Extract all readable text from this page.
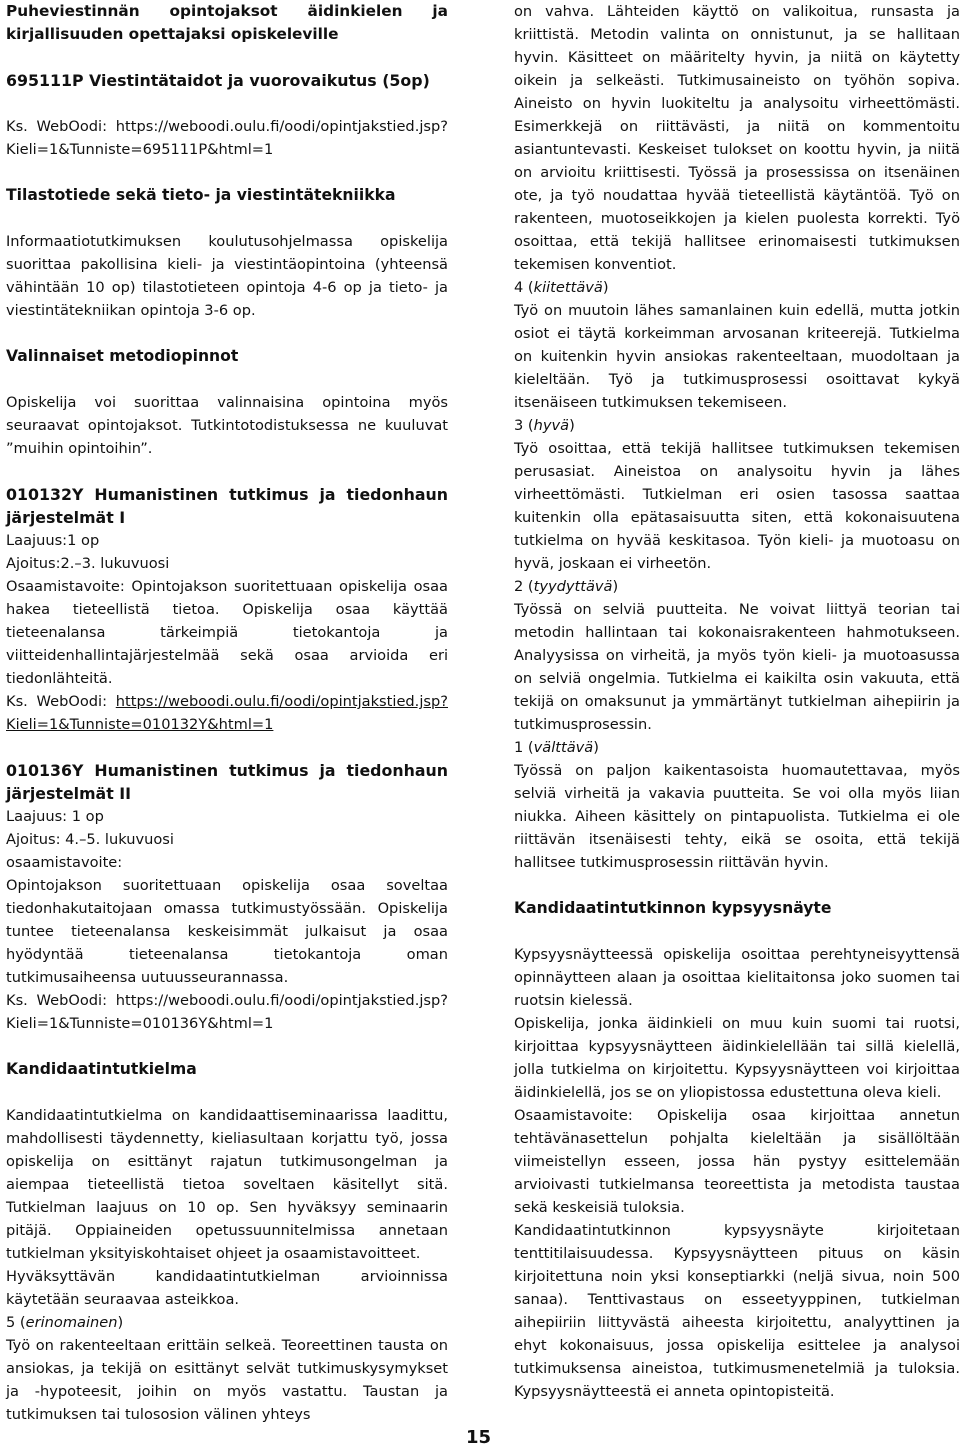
Puheviestinnän opintojaksot äidinkielen ja kirjallisuuden opettajaksi opiskeleville

695111P Viestintätaidot ja vuorovaikutus (5op)

Ks. WebOodi: https://weboodi.oulu.fi/oodi/opintjakstied.jsp?Kieli=1&Tunniste=695111P&html=1

Tilastotiede sekä tieto- ja viestintätekniikka

Informaatiotutkimuksen koulutusohjelmassa opiskelija suorittaa pakollisina kieli- ja viestintäopintoina (yhteensä vähintään 10 op) tilastotieteen opintoja 4-6 op ja tieto- ja viestintätekniikan opintoja 3-6 op.

Valinnaiset metodiopinnot

Opiskelija voi suorittaa valinnaisina opintoina myös seuraavat opintojaksot. Tutkintotodistuksessa ne kuuluvat ”muihin opintoihin”.

010132Y Humanistinen tutkimus ja tiedonhaun järjestelmät I

Laajuus:1 op

Ajoitus:2.–3. lukuvuosi

Osaamistavoite: Opintojakson suoritettuaan opiskelija osaa hakea tieteellistä tietoa. Opiskelija osaa käyttää tieteenalansa tärkeimpiä tietokantoja ja viitteidenhallintajärjestelmää sekä osaa arvioida eri tiedonlähteitä.

Ks. WebOodi: https://weboodi.oulu.fi/oodi/opintjakstied.jsp?Kieli=1&Tunniste=010132Y&html=1

010136Y Humanistinen tutkimus ja tiedonhaun järjestelmät II

Laajuus: 1 op

Ajoitus: 4.–5. lukuvuosi

osaamistavoite:

Opintojakson suoritettuaan opiskelija osaa soveltaa tiedonhakutaitojaan omassa tutkimustyössään. Opiskelija tuntee tieteenalansa keskeisimmät julkaisut ja osaa hyödyntää tieteenalansa tietokantoja oman tutkimusaiheensa uutuusseurannassa.

Ks. WebOodi: https://weboodi.oulu.fi/oodi/opintjakstied.jsp?Kieli=1&Tunniste=010136Y&html=1

Kandidaatintutkielma

Kandidaatintutkielma on kandidaattiseminaarissa laadittu, mahdollisesti täydennetty, kieliasultaan korjattu työ, jossa opiskelija on esittänyt rajatun tutkimusongelman ja aiempaa tieteellistä tietoa soveltaen käsitellyt sitä. Tutkielman laajuus on 10 op. Sen hyväksyy seminaarin pitäjä. Oppiaineiden opetussuunnitelmissa annetaan tutkielman yksityiskohtaiset ohjeet ja osaamistavoitteet.

Hyväksyttävän kandidaatintutkielman arvioinnissa käytetään seuraavaa asteikkoa.

5 (erinomainen)

Työ on rakenteeltaan erittäin selkeä. Teoreettinen tausta on ansiokas, ja tekijä on esittänyt selvät tutkimuskysymykset ja -hypoteesit, joihin on myös vastattu. Taustan ja tutkimuksen tai tulososion välinen yhteys

on vahva. Lähteiden käyttö on valikoitua, runsasta ja kriittistä. Metodin valinta on onnistunut, ja se hallitaan hyvin. Käsitteet on määritelty hyvin, ja niitä on käytetty oikein ja selkeästi. Tutkimusaineisto on työhön sopiva. Aineisto on hyvin luokiteltu ja analysoitu virheettömästi. Esimerkkejä on riittävästi, ja niitä on kommentoitu asiantuntevasti. Keskeiset tulokset on koottu hyvin, ja niitä on arvioitu kriittisesti. Työssä ja prosessissa on itsenäinen ote, ja työ noudattaa hyvää tieteellistä käytäntöä. Työ on rakenteen, muotoseikkojen ja kielen puolesta korrekti. Työ osoittaa, että tekijä hallitsee erinomaisesti tutkimuksen tekemisen konventiot.

4 (kiitettävä)

Työ on muutoin lähes samanlainen kuin edellä, mutta jotkin osiot ei täytä korkeimman arvosanan kriteerejä. Tutkielma on kuitenkin hyvin ansiokas rakenteeltaan, muodoltaan ja kieleltään. Työ ja tutkimusprosessi osoittavat kykyä itsenäiseen tutkimuksen tekemiseen.

3 (hyvä)

Työ osoittaa, että tekijä hallitsee tutkimuksen tekemisen perusasiat. Aineistoa on analysoitu hyvin ja lähes virheettömästi. Tutkielman eri osien tasossa saattaa kuitenkin olla epätasaisuutta siten, että kokonaisuutena tutkielma on hyvää keskitasoa. Työn kieli- ja muotoasu on hyvä, joskaan ei virheetön.

2 (tyydyttävä)

Työssä on selviä puutteita. Ne voivat liittyä teorian tai metodin hallintaan tai kokonaisrakenteen hahmotukseen. Analyysissa on virheitä, ja myös työn kieli- ja muotoasussa on selviä ongelmia. Tutkielma ei kaikilta osin vakuuta, että tekijä on omaksunut ja ymmärtänyt tutkielman aihepiirin ja tutkimusprosessin.

1 (välttävä)

Työssä on paljon kaikentasoista huomautettavaa, myös selviä virheitä ja vakavia puutteita. Se voi olla myös liian niukka. Aiheen käsittely on pintapuolista. Tutkielma ei ole riittävän itsenäisesti tehty, eikä se osoita, että tekijä hallitsee tutkimusprosessin riittävän hyvin.

Kandidaatintutkinnon kypsyysnäyte

Kypsyysnäytteessä opiskelija osoittaa perehtyneisyyttensä opinnäytteen alaan ja osoittaa kielitaitonsa joko suomen tai ruotsin kielessä.

Opiskelija, jonka äidinkieli on muu kuin suomi tai ruotsi, kirjoittaa kypsyysnäytteen äidinkielellään tai sillä kielellä, jolla tutkielma on kirjoitettu. Kypsyysnäytteen voi kirjoittaa äidinkielellä, jos se on yliopistossa edustettuna oleva kieli.

Osaamistavoite: Opiskelija osaa kirjoittaa annetun tehtävänasettelun pohjalta kieleltään ja sisällöltään viimeistellyn esseen, jossa hän pystyy esittelemään arvioivasti tutkielmansa teoreettista ja metodista taustaa sekä keskeisiä tuloksia.

Kandidaatintutkinnon kypsyysnäyte kirjoitetaan tenttitilaisuudessa. Kypsyysnäytteen pituus on käsin kirjoitettuna noin yksi konseptiarkki (neljä sivua, noin 500 sanaa). Tenttivastaus on esseetyyppinen, tutkielman aihepiiriin liittyvästä aiheesta kirjoitettu, analyyttinen ja ehyt kokonaisuus, jossa opiskelija esittelee ja analysoi tutkimuksensa aineistoa, tutkimusmenetelmiä ja tuloksia. Kypsyysnäytteestä ei anneta opintopisteitä.

15
